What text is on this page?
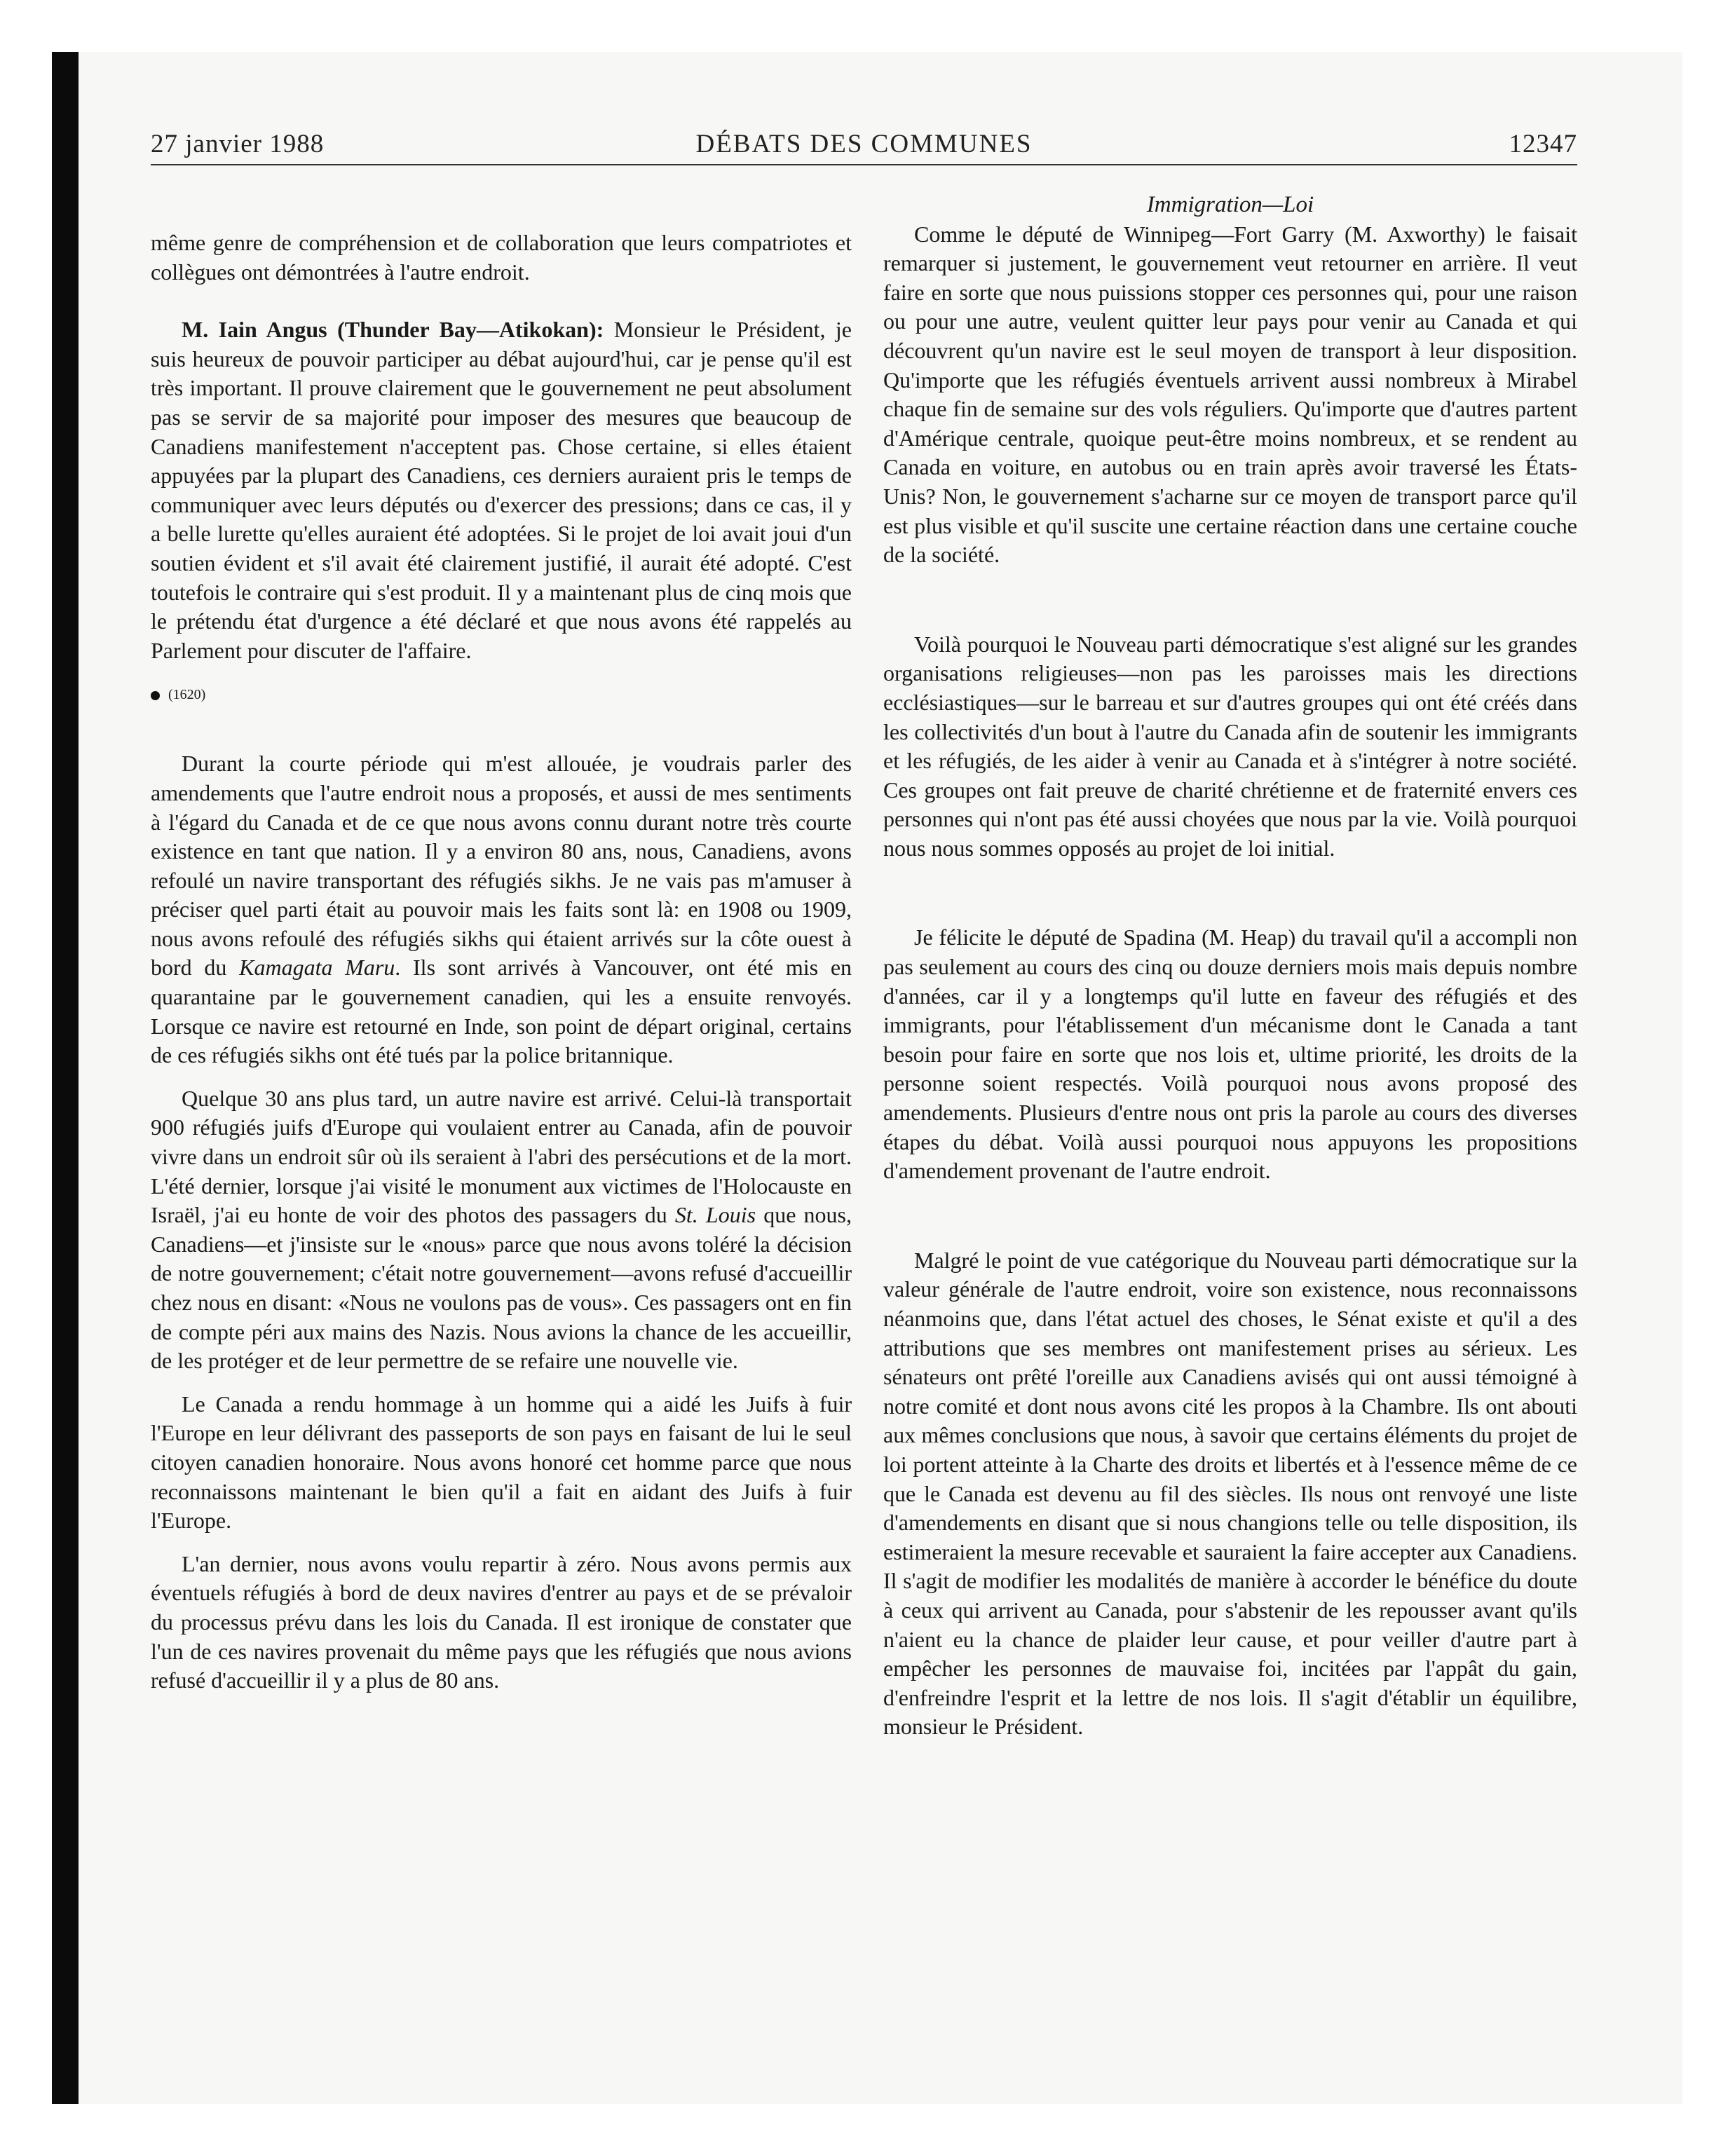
27 janvier 1988	DÉBATS DES COMMUNES	12347

même genre de compréhension et de collaboration que leurs compatriotes et collègues ont démontrées à l'autre endroit.

M. Iain Angus (Thunder Bay—Atikokan): Monsieur le Président, je suis heureux de pouvoir participer au débat aujourd'hui, car je pense qu'il est très important. Il prouve clairement que le gouvernement ne peut absolument pas se servir de sa majorité pour imposer des mesures que beaucoup de Canadiens manifestement n'acceptent pas. Chose certaine, si elles étaient appuyées par la plupart des Canadiens, ces derniers auraient pris le temps de communiquer avec leurs députés ou d'exercer des pressions; dans ce cas, il y a belle lurette qu'elles auraient été adoptées. Si le projet de loi avait joui d'un soutien évident et s'il avait été clairement justifié, il aurait été adopté. C'est toutefois le contraire qui s'est produit. Il y a maintenant plus de cinq mois que le prétendu état d'urgence a été déclaré et que nous avons été rappelés au Parlement pour discuter de l'affaire.

(1620)

Durant la courte période qui m'est allouée, je voudrais parler des amendements que l'autre endroit nous a proposés, et aussi de mes sentiments à l'égard du Canada et de ce que nous avons connu durant notre très courte existence en tant que nation. Il y a environ 80 ans, nous, Canadiens, avons refoulé un navire transportant des réfugiés sikhs. Je ne vais pas m'amuser à préciser quel parti était au pouvoir mais les faits sont là: en 1908 ou 1909, nous avons refoulé des réfugiés sikhs qui étaient arrivés sur la côte ouest à bord du Kamagata Maru. Ils sont arrivés à Vancouver, ont été mis en quarantaine par le gouvernement canadien, qui les a ensuite renvoyés. Lorsque ce navire est retourné en Inde, son point de départ original, certains de ces réfugiés sikhs ont été tués par la police britannique.

Quelque 30 ans plus tard, un autre navire est arrivé. Celui-là transportait 900 réfugiés juifs d'Europe qui voulaient entrer au Canada, afin de pouvoir vivre dans un endroit sûr où ils seraient à l'abri des persécutions et de la mort. L'été dernier, lorsque j'ai visité le monument aux victimes de l'Holocauste en Israël, j'ai eu honte de voir des photos des passagers du St. Louis que nous, Canadiens—et j'insiste sur le «nous» parce que nous avons toléré la décision de notre gouvernement; c'était notre gouvernement—avons refusé d'accueillir chez nous en disant: «Nous ne voulons pas de vous». Ces passagers ont en fin de compte péri aux mains des Nazis. Nous avions la chance de les accueillir, de les protéger et de leur permettre de se refaire une nouvelle vie.

Le Canada a rendu hommage à un homme qui a aidé les Juifs à fuir l'Europe en leur délivrant des passeports de son pays en faisant de lui le seul citoyen canadien honoraire. Nous avons honoré cet homme parce que nous reconnaissons maintenant le bien qu'il a fait en aidant des Juifs à fuir l'Europe.

L'an dernier, nous avons voulu repartir à zéro. Nous avons permis aux éventuels réfugiés à bord de deux navires d'entrer au pays et de se prévaloir du processus prévu dans les lois du Canada. Il est ironique de constater que l'un de ces navires provenait du même pays que les réfugiés que nous avions refusé d'accueillir il y a plus de 80 ans.

Immigration—Loi

Comme le député de Winnipeg—Fort Garry (M. Axworthy) le faisait remarquer si justement, le gouvernement veut retourner en arrière. Il veut faire en sorte que nous puissions stopper ces personnes qui, pour une raison ou pour une autre, veulent quitter leur pays pour venir au Canada et qui découvrent qu'un navire est le seul moyen de transport à leur disposition. Qu'importe que les réfugiés éventuels arrivent aussi nombreux à Mirabel chaque fin de semaine sur des vols réguliers. Qu'importe que d'autres partent d'Amérique centrale, quoique peut-être moins nombreux, et se rendent au Canada en voiture, en autobus ou en train après avoir traversé les États-Unis? Non, le gouvernement s'acharne sur ce moyen de transport parce qu'il est plus visible et qu'il suscite une certaine réaction dans une certaine couche de la société.

Voilà pourquoi le Nouveau parti démocratique s'est aligné sur les grandes organisations religieuses—non pas les paroisses mais les directions ecclésiastiques—sur le barreau et sur d'autres groupes qui ont été créés dans les collectivités d'un bout à l'autre du Canada afin de soutenir les immigrants et les réfugiés, de les aider à venir au Canada et à s'intégrer à notre société. Ces groupes ont fait preuve de charité chrétienne et de fraternité envers ces personnes qui n'ont pas été aussi choyées que nous par la vie. Voilà pourquoi nous nous sommes opposés au projet de loi initial.

Je félicite le député de Spadina (M. Heap) du travail qu'il a accompli non pas seulement au cours des cinq ou douze derniers mois mais depuis nombre d'années, car il y a longtemps qu'il lutte en faveur des réfugiés et des immigrants, pour l'établissement d'un mécanisme dont le Canada a tant besoin pour faire en sorte que nos lois et, ultime priorité, les droits de la personne soient respectés. Voilà pourquoi nous avons proposé des amendements. Plusieurs d'entre nous ont pris la parole au cours des diverses étapes du débat. Voilà aussi pourquoi nous appuyons les propositions d'amendement provenant de l'autre endroit.

Malgré le point de vue catégorique du Nouveau parti démocratique sur la valeur générale de l'autre endroit, voire son existence, nous reconnaissons néanmoins que, dans l'état actuel des choses, le Sénat existe et qu'il a des attributions que ses membres ont manifestement prises au sérieux. Les sénateurs ont prêté l'oreille aux Canadiens avisés qui ont aussi témoigné à notre comité et dont nous avons cité les propos à la Chambre. Ils ont abouti aux mêmes conclusions que nous, à savoir que certains éléments du projet de loi portent atteinte à la Charte des droits et libertés et à l'essence même de ce que le Canada est devenu au fil des siècles. Ils nous ont renvoyé une liste d'amendements en disant que si nous changions telle ou telle disposition, ils estimeraient la mesure recevable et sauraient la faire accepter aux Canadiens. Il s'agit de modifier les modalités de manière à accorder le bénéfice du doute à ceux qui arrivent au Canada, pour s'abstenir de les repousser avant qu'ils n'aient eu la chance de plaider leur cause, et pour veiller d'autre part à empêcher les personnes de mauvaise foi, incitées par l'appât du gain, d'enfreindre l'esprit et la lettre de nos lois. Il s'agit d'établir un équilibre, monsieur le Président.
